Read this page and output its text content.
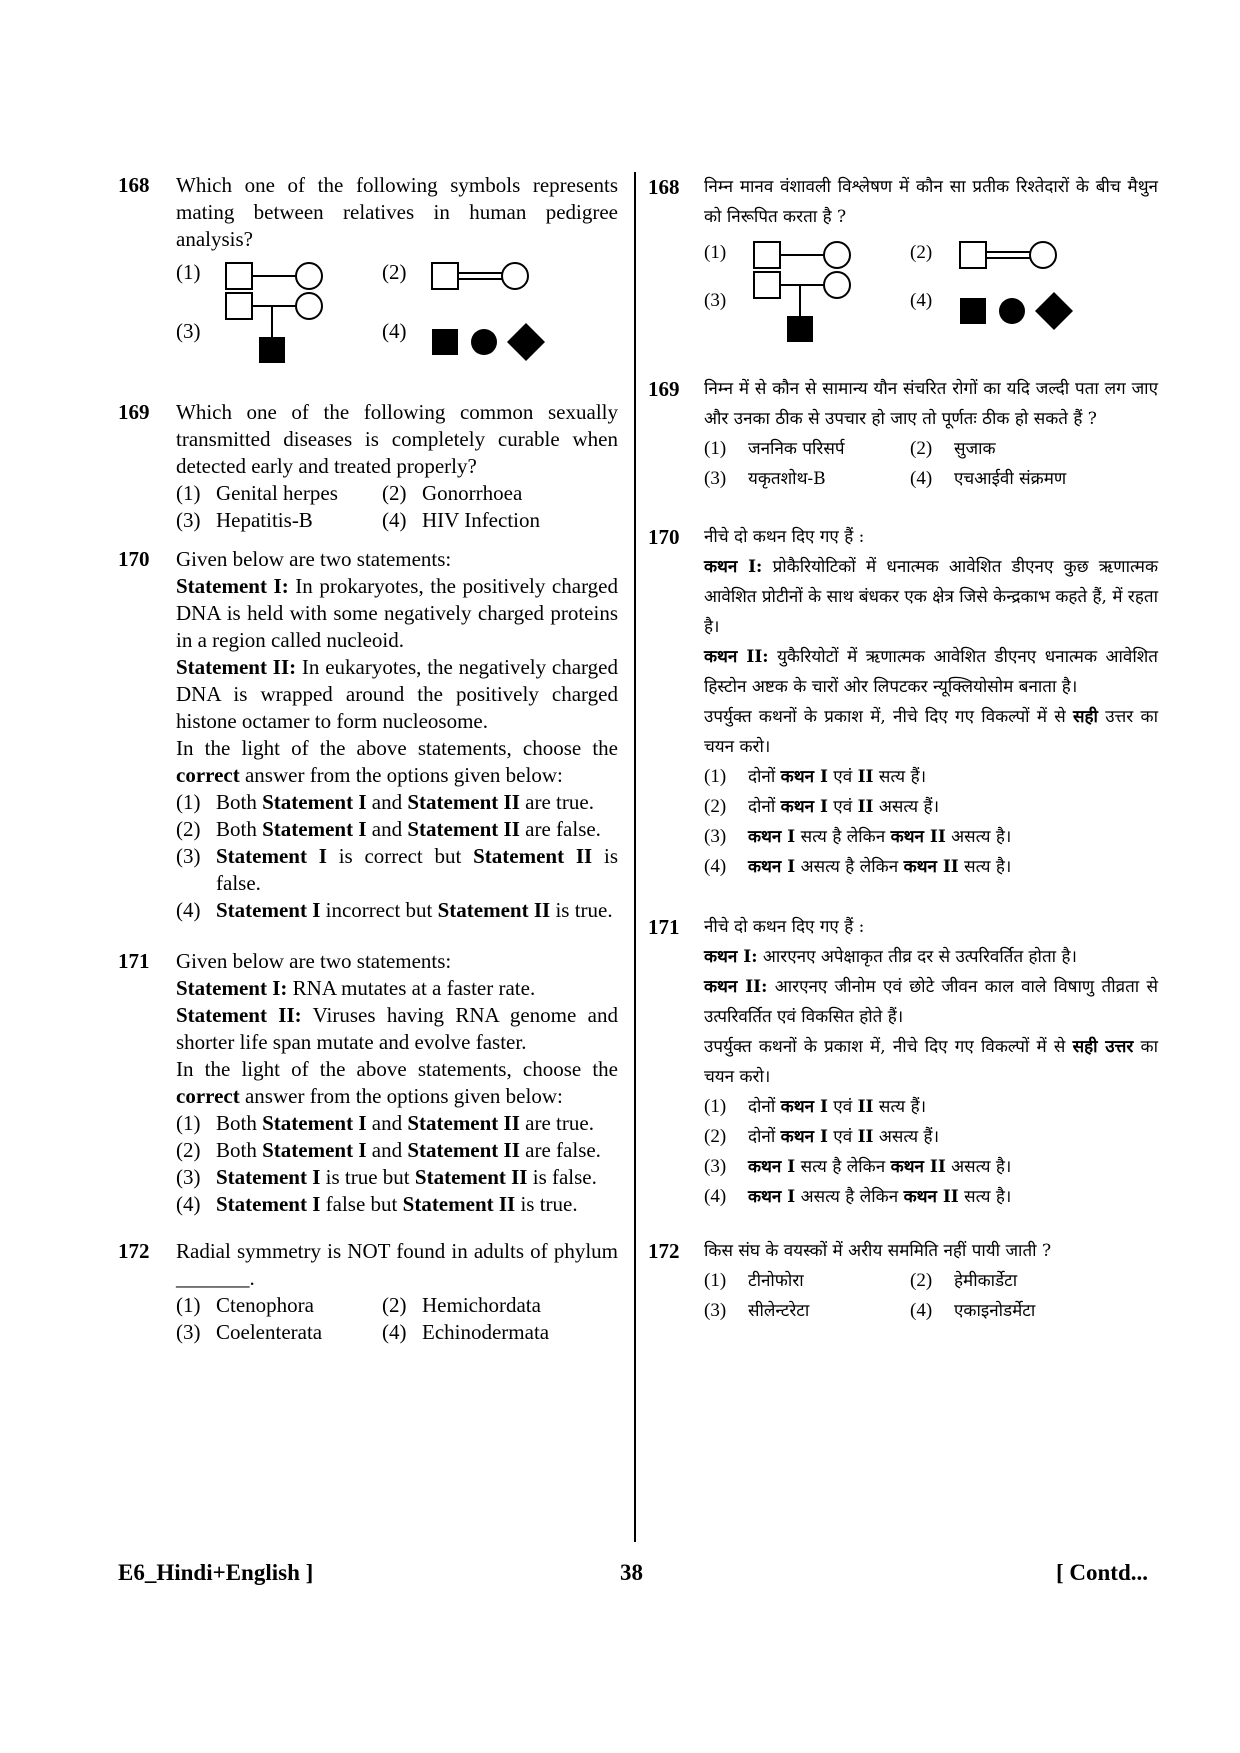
168 Which one of the following symbols represents mating between relatives in human pedigree analysis?

(1)	(2)
(3)	(4)
169 Which one of the following common sexually transmitted diseases is completely curable when detected early and treated properly?

(1) Genital herpes (2) Gonorrhoea
(3) Hepatitis-B	(4) HIV Infection
170 Given below are two statements:

Statement I: In prokaryotes, the positively charged DNA is held with some negatively charged proteins in a region called nucleoid.

Statement II: In eukaryotes, the negatively charged DNA is wrapped around the positively charged histone octamer to form nucleosome.

In the light of the above statements, choose the correct answer from the options given below:

(1) Both Statement I and Statement II are true.
(2) Both Statement I and Statement II are false.
(3) Statement I is correct but Statement II is false.
(4) Statement I incorrect but Statement II is true.
171 Given below are two statements:

Statement I: RNA mutates at a faster rate.

Statement II: Viruses having RNA genome and shorter life span mutate and evolve faster.

In the light of the above statements, choose the correct answer from the options given below:

(1) Both Statement I and Statement II are true.
(2) Both Statement I and Statement II are false.
(3) Statement I is true but Statement II is false.
(4) Statement I false but Statement II is true.
172 Radial symmetry is NOT found in adults of phylum _______.

(1) Ctenophora	(2) Hemichordata
(3) Coelenterata	(4) Echinodermata
168 निम्न मानव वंशावली विश्लेषण में कौन सा प्रतीक रिश्तेदारों के बीच मैथुन को निरूपित करता है ?

(1)	(2)
(3)	(4)
169 निम्न में से कौन से सामान्य यौन संचरित रोगों का यदि जल्दी पता लग जाए और उनका ठीक से उपचार हो जाए तो पूर्णतः ठीक हो सकते हैं ?

(1)	जननिक परिसर्प	(2)	सुजाक
(3)	यकृतशोथ-B	(4)	एचआईवी संक्रमण
170 नीचे दो कथन दिए गए हैं :

कथन I: प्रोकैरियोटिकों में धनात्मक आवेशित डीएनए कुछ ऋणात्मक आवेशित प्रोटीनों के साथ बंधकर एक क्षेत्र जिसे केन्द्रकाभ कहते हैं, में रहता है।

कथन II: युकैरियोटों में ऋणात्मक आवेशित डीएनए धनात्मक आवेशित हिस्टोन अष्टक के चारों ओर लिपटकर न्यूक्लियोसोम बनाता है।

उपर्युक्त कथनों के प्रकाश में, नीचे दिए गए विकल्पों में से सही उत्तर का चयन करो।

(1)	दोनों कथन I एवं II सत्य हैं।
(2)	दोनों कथन I एवं II असत्य हैं।
(3)	कथन I सत्य है लेकिन कथन II असत्य है।
(4)	कथन I असत्य है लेकिन कथन II सत्य है।
171 नीचे दो कथन दिए गए हैं :

कथन I: आरएनए अपेक्षाकृत तीव्र दर से उत्परिवर्तित होता है।

कथन II: आरएनए जीनोम एवं छोटे जीवन काल वाले विषाणु तीव्रता से उत्परिवर्तित एवं विकसित होते हैं।

उपर्युक्त कथनों के प्रकाश में, नीचे दिए गए विकल्पों में से सही उत्तर का चयन करो।

(1)	दोनों कथन I एवं II सत्य हैं।
(2)	दोनों कथन I एवं II असत्य हैं।
(3)	कथन I सत्य है लेकिन कथन II असत्य है।
(4)	कथन I असत्य है लेकिन कथन II सत्य है।
172 किस संघ के वयस्कों में अरीय सममिति नहीं पायी जाती ?

(1)	टीनोफोरा	(2)	हेमीकार्डेटा
(3)	सीलेन्टरेटा	(4)	एकाइनोडर्मेटा
E6_Hindi+English ]	38	[ Contd...
